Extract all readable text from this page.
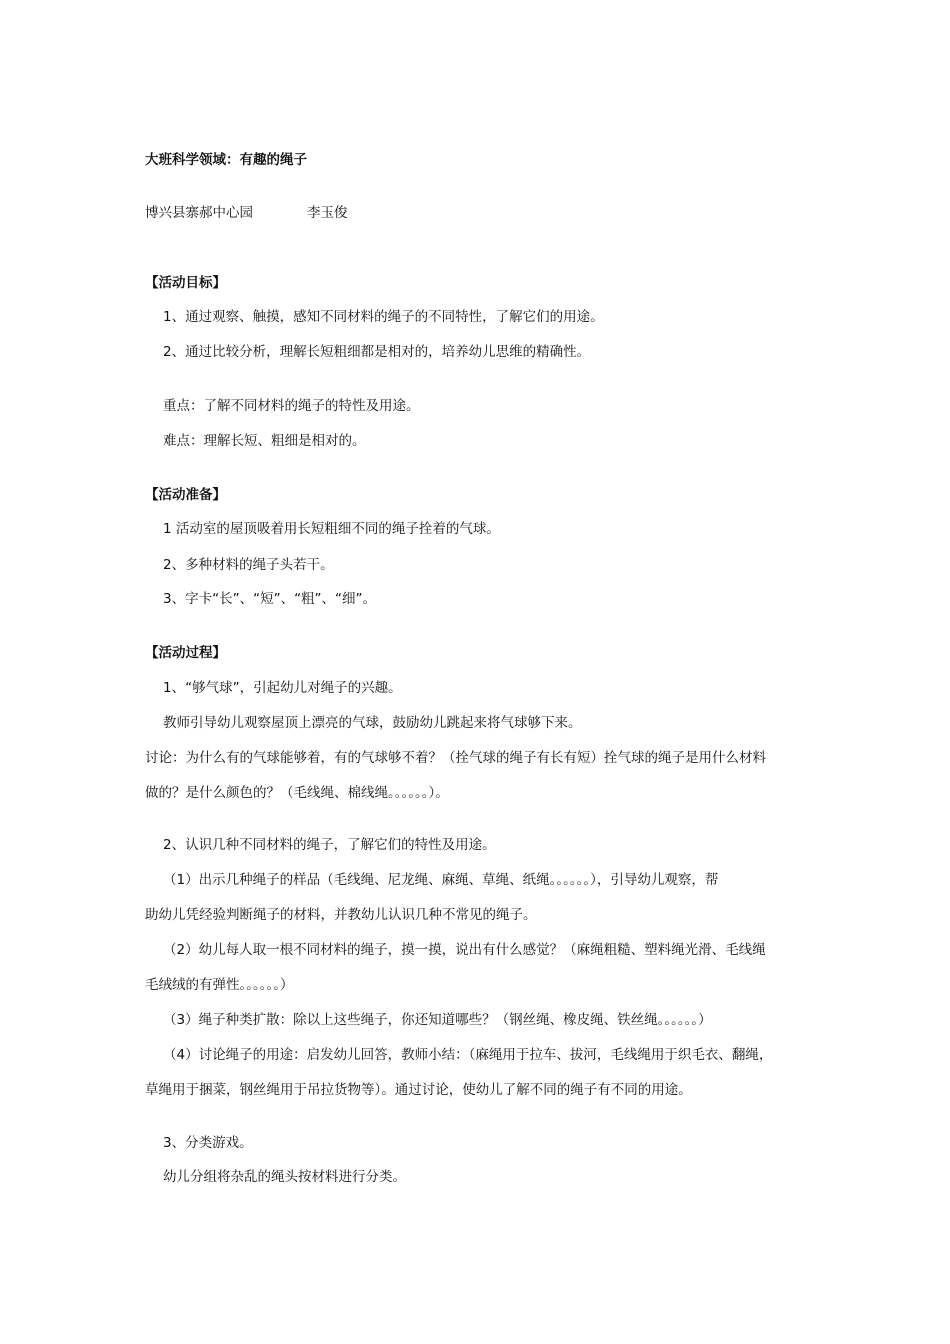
大班科学领域：有趣的绳子
博兴县寨郝中心园	李玉俊
【活动目标】
1、通过观察、触摸，感知不同材料的绳子的不同特性，了解它们的用途。
2、通过比较分析，理解长短粗细都是相对的，培养幼儿思维的精确性。
重点：了解不同材料的绳子的特性及用途。
难点：理解长短、粗细是相对的。
【活动准备】
1 活动室的屋顶吸着用长短粗细不同的绳子拴着的气球。
2、多种材料的绳子头若干。
3、字卡“长”、“短”、“粗”、“细”。
【活动过程】
1、“够气球”，引起幼儿对绳子的兴趣。
教师引导幼儿观察屋顶上漂亮的气球，鼓励幼儿跳起来将气球够下来。
讨论：为什么有的气球能够着，有的气球够不着？（拴气球的绳子有长有短）拴气球的绳子是用什么材料
做的？是什么颜色的？（毛线绳、棉线绳。。。。。。）。
2、认识几种不同材料的绳子，了解它们的特性及用途。
（1）出示几种绳子的样品（毛线绳、尼龙绳、麻绳、草绳、纸绳。。。。。。），引导幼儿观察，帮
助幼儿凭经验判断绳子的材料，并教幼儿认识几种不常见的绳子。
（2）幼儿每人取一根不同材料的绳子，摸一摸，说出有什么感觉？（麻绳粗糙、塑料绳光滑、毛线绳
毛绒绒的有弹性。。。。。。）
（3）绳子种类扩散：除以上这些绳子，你还知道哪些？（钢丝绳、橡皮绳、铁丝绳。。。。。。）
（4）讨论绳子的用途：启发幼儿回答，教师小结：（麻绳用于拉车、拔河，毛线绳用于织毛衣、翻绳，
草绳用于捆菜，钢丝绳用于吊拉货物等）。通过讨论，使幼儿了解不同的绳子有不同的用途。
3、分类游戏。
幼儿分组将杂乱的绳头按材料进行分类。
